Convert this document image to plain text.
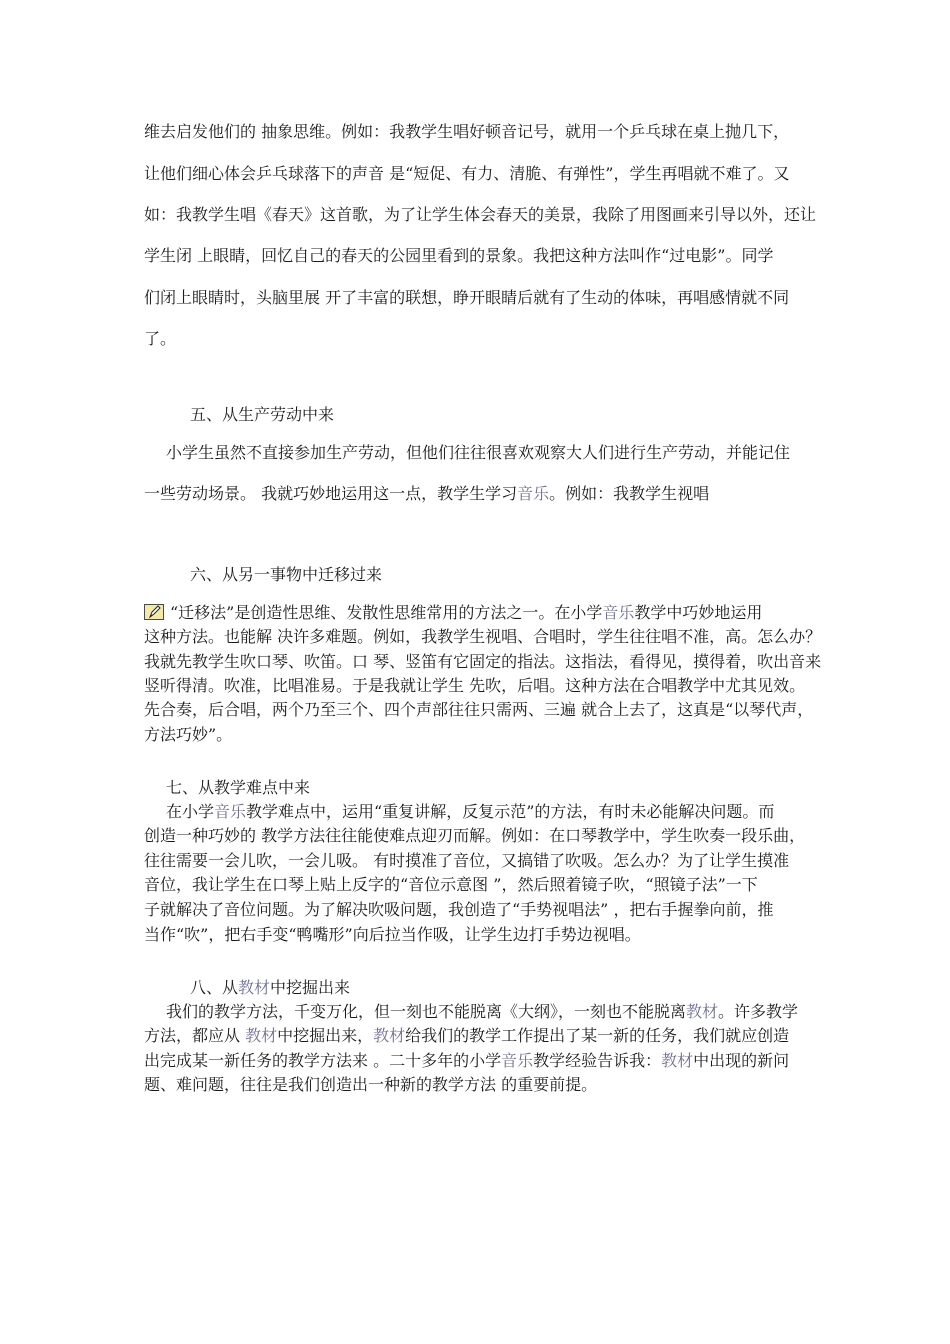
维去启发他们的 抽象思维。例如：我教学生唱好顿音记号，就用一个乒乓球在桌上抛几下，
让他们细心体会乒乓球落下的声音 是“短促、有力、清脆、有弹性”，学生再唱就不难了。又
如：我教学生唱《春天》这首歌，为了让学生体会春天的美景，我除了用图画来引导以外，还让
学生闭 上眼睛，回忆自己的春天的公园里看到的景象。我把这种方法叫作“过电影”。同学
们闭上眼睛时，头脑里展 开了丰富的联想，睁开眼睛后就有了生动的体味，再唱感情就不同
了。
五、从生产劳动中来
小学生虽然不直接参加生产劳动，但他们往往很喜欢观察大人们进行生产劳动，并能记住
一些劳动场景。 我就巧妙地运用这一点，教学生学习音乐。例如：我教学生视唱
六、从另一事物中迁移过来
“迁移法”是创造性思维、发散性思维常用的方法之一。在小学音乐教学中巧妙地运用
这种方法。也能解 决许多难题。例如，我教学生视唱、合唱时，学生往往唱不准，高。怎么办？
我就先教学生吹口琴、吹笛。口 琴、竖笛有它固定的指法。这指法，看得见，摸得着，吹出音来
竖听得清。吹准，比唱准易。于是我就让学生 先吹，后唱。这种方法在合唱教学中尤其见效。
先合奏，后合唱，两个乃至三个、四个声部往往只需两、三遍 就合上去了，这真是“以琴代声，
方法巧妙”。
七、从教学难点中来
在小学音乐教学难点中，运用“重复讲解，反复示范”的方法，有时未必能解决问题。而
创造一种巧妙的 教学方法往往能使难点迎刃而解。例如：在口琴教学中，学生吹奏一段乐曲，
往往需要一会儿吹，一会儿吸。 有时摸准了音位，又搞错了吹吸。怎么办？为了让学生摸准
音位，我让学生在口琴上贴上反字的“音位示意图 ”，然后照着镜子吹，“照镜子法”一下
子就解决了音位问题。为了解决吹吸问题，我创造了“手势视唱法” ，把右手握拳向前，推
当作“吹”，把右手变“鸭嘴形”向后拉当作吸，让学生边打手势边视唱。
八、从教材中挖掘出来
我们的教学方法，千变万化，但一刻也不能脱离《大纲》，一刻也不能脱离教材。许多教学
方法，都应从 教材中挖掘出来，教材给我们的教学工作提出了某一新的任务，我们就应创造
出完成某一新任务的教学方法来 。二十多年的小学音乐教学经验告诉我：教材中出现的新问
题、难问题，往往是我们创造出一种新的教学方法 的重要前提。
